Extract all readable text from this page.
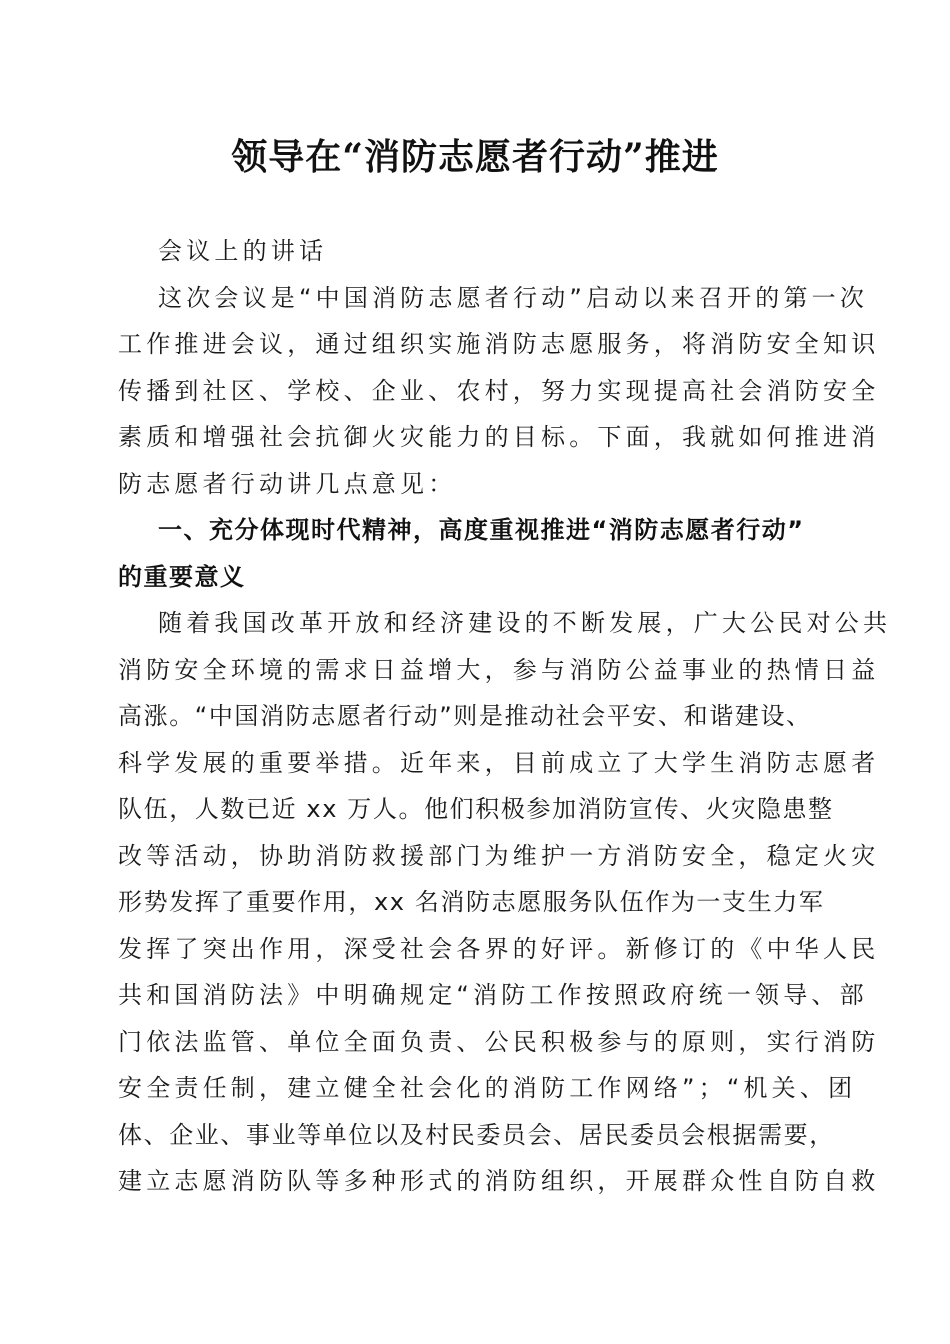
领导在“消防志愿者行动”推进
会议上的讲话
这次会议是“中国消防志愿者行动”启动以来召开的第一次
工作推进会议，通过组织实施消防志愿服务，将消防安全知识
传播到社区、学校、企业、农村，努力实现提高社会消防安全
素质和增强社会抗御火灾能力的目标。下面，我就如何推进消
防志愿者行动讲几点意见：
一、充分体现时代精神，高度重视推进“消防志愿者行动”
的重要意义
随着我国改革开放和经济建设的不断发展，广大公民对公共
消防安全环境的需求日益增大，参与消防公益事业的热情日益
高涨。“中国消防志愿者行动”则是推动社会平安、和谐建设、
科学发展的重要举措。近年来，目前成立了大学生消防志愿者
队伍，人数已近 xx 万人。他们积极参加消防宣传、火灾隐患整
改等活动，协助消防救援部门为维护一方消防安全，稳定火灾
形势发挥了重要作用，xx 名消防志愿服务队伍作为一支生力军
发挥了突出作用，深受社会各界的好评。新修订的《中华人民
共和国消防法》中明确规定“消防工作按照政府统一领导、部
门依法监管、单位全面负责、公民积极参与的原则，实行消防
安全责任制，建立健全社会化的消防工作网络”；“机关、团
体、企业、事业等单位以及村民委员会、居民委员会根据需要，
建立志愿消防队等多种形式的消防组织，开展群众性自防自救
